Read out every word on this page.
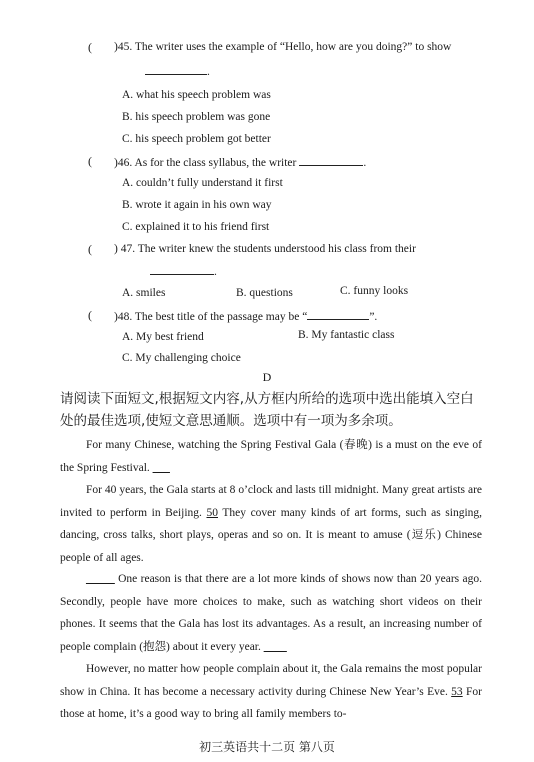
( )45. The writer uses the example of “Hello, how are you doing?” to show
.
A. what his speech problem was
B. his speech problem was gone
C. his speech problem got better
( )46. As for the class syllabus, the writer	.
A. couldn’t fully understand it first
B. wrote it again in his own way
C. explained it to his friend first
( ) 47. The writer knew the students understood his class from their
.
A. smiles	B. questions	C. funny looks
( )48. The best title of the passage may be “	”.
A. My best friend	B. My fantastic class
C. My challenging choice
D
请阅读下面短文,根据短文内容,从方框内所给的选项中选出能填入空白处的最佳选项,使短文意思通顺。选项中有一项为多余项。
For many Chinese, watching the Spring Festival Gala (春晚) is a must on the eve of the Spring Festival. ___
For 40 years, the Gala starts at 8 o’clock and lasts till midnight. Many great artists are invited to perform in Beijing. 50 They cover many kinds of art forms, such as singing, dancing, cross talks, short plays, operas and so on. It is meant to amuse (逗乐) Chinese people of all ages.
_____ One reason is that there are a lot more kinds of shows now than 20 years ago. Secondly, people have more choices to make, such as watching short videos on their phones. It seems that the Gala has lost its advantages. As a result, an increasing number of people complain (抱怨) about it every year. ____
However, no matter how people complain about it, the Gala remains the most popular show in China. It has become a necessary activity during Chinese New Year’s Eve. 53 For those at home, it’s a good way to bring all family members to-
初三英语共十二页 第八页
